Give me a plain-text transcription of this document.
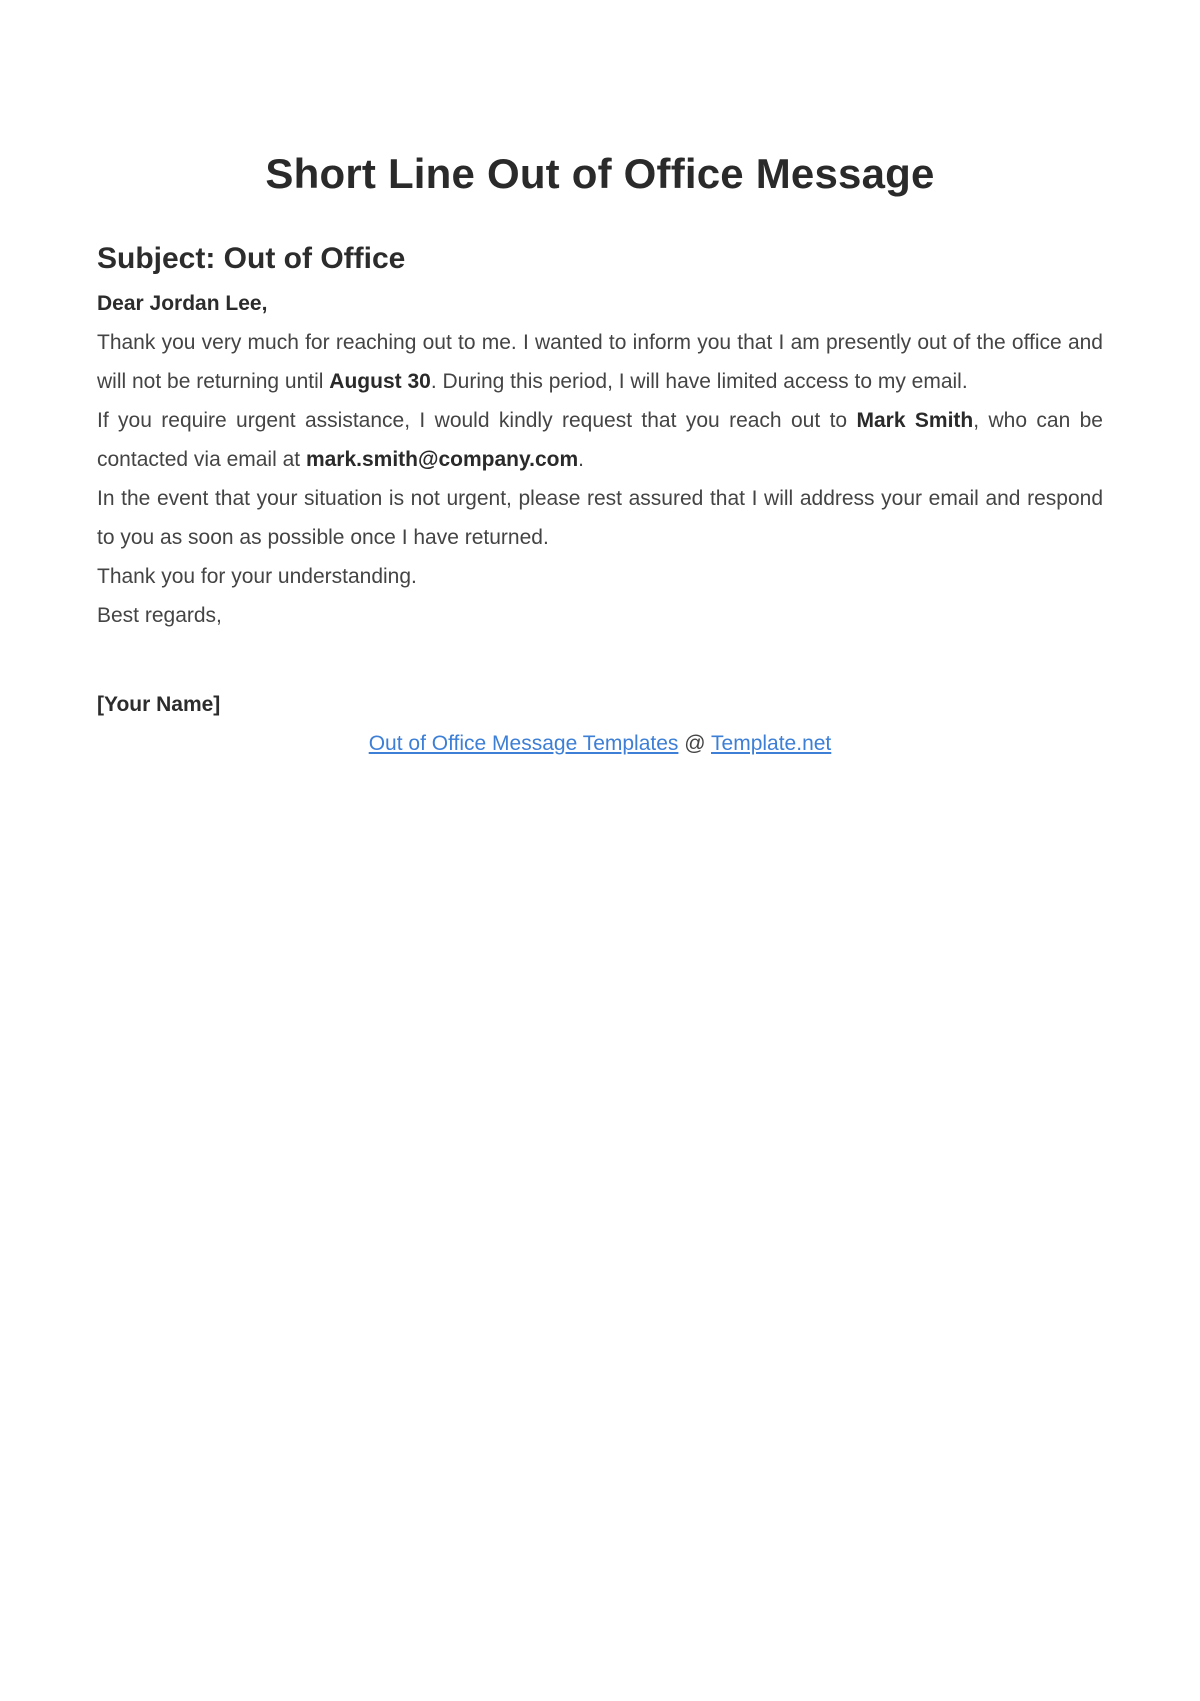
Short Line Out of Office Message
Subject: Out of Office

Dear Jordan Lee,

Thank you very much for reaching out to me. I wanted to inform you that I am presently out of the office and will not be returning until August 30. During this period, I will have limited access to my email.

If you require urgent assistance, I would kindly request that you reach out to Mark Smith, who can be contacted via email at mark.smith@company.com.

In the event that your situation is not urgent, please rest assured that I will address your email and respond to you as soon as possible once I have returned.

Thank you for your understanding.

Best regards,

[Your Name]

Out of Office Message Templates @ Template.net
